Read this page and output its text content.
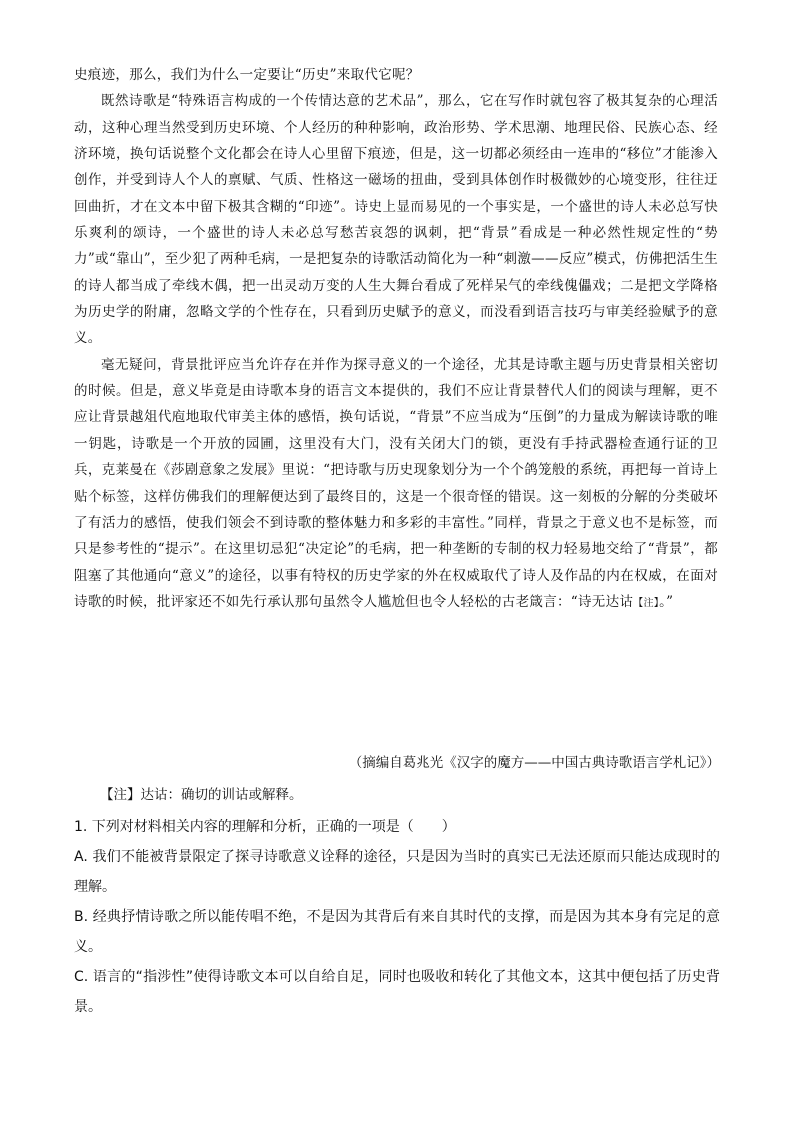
史痕迹，那么，我们为什么一定要让“历史”来取代它呢？

既然诗歌是“特殊语言构成的一个传情达意的艺术品”，那么，它在写作时就包容了极其复杂的心理活动，这种心理当然受到历史环境、个人经历的种种影响，政治形势、学术思潮、地理民俗、民族心态、经济环境，换句话说整个文化都会在诗人心里留下痕迹，但是，这一切都必须经由一连串的“移位”才能渗入创作，并受到诗人个人的禀赋、气质、性格这一磁场的扭曲，受到具体创作时极微妙的心境变形，往往迂回曲折，才在文本中留下极其含糊的“印迹”。诗史上显而易见的一个事实是，一个盛世的诗人未必总写快乐爽利的颂诗，一个盛世的诗人未必总写愁苦哀怨的讽刺，把“背景”看成是一种必然性规定性的“势力”或“靠山”，至少犯了两种毛病，一是把复杂的诗歌活动简化为一种“刺激——反应”模式，仿佛把活生生的诗人都当成了牵线木偶，把一出灵动万变的人生大舞台看成了死样呆气的牵线傀儡戏；二是把文学降格为历史学的附庸，忽略文学的个性存在，只看到历史赋予的意义，而没看到语言技巧与审美经验赋予的意义。

毫无疑问，背景批评应当允许存在并作为探寻意义的一个途径，尤其是诗歌主题与历史背景相关密切的时候。但是，意义毕竟是由诗歌本身的语言文本提供的，我们不应让背景替代人们的阅读与理解，更不应让背景越俎代庖地取代审美主体的感悟，换句话说，“背景”不应当成为“压倒”的力量成为解读诗歌的唯一钥匙，诗歌是一个开放的园圃，这里没有大门，没有关闭大门的锁，更没有手持武器检查通行证的卫兵，克莱曼在《莎剧意象之发展》里说：“把诗歌与历史现象划分为一个个鸽笼般的系统，再把每一首诗上贴个标签，这样仿佛我们的理解便达到了最终目的，这是一个很奇怪的错误。这一刻板的分解的分类破坏了有活力的感悟，使我们领会不到诗歌的整体魅力和多彩的丰富性。”同样，背景之于意义也不是标签，而只是参考性的“提示”。在这里切忌犯“决定论”的毛病，把一种垄断的专制的权力轻易地交给了“背景”，都阻塞了其他通向“意义”的途径，以事有特权的历史学家的外在权威取代了诗人及作品的内在权威，在面对诗歌的时候，批评家还不如先行承认那句虽然令人尴尬但也令人轻松的古老箴言：“诗无达诂【注】。”

（摘编自葛兆光《汉字的魔方——中国古典诗歌语言学札记》）
【注】达诂：确切的训诂或解释。

1. 下列对材料相关内容的理解和分析，正确的一项是（　　）

A. 我们不能被背景限定了探寻诗歌意义诠释的途径，只是因为当时的真实已无法还原而只能达成现时的理解。

B. 经典抒情诗歌之所以能传唱不绝，不是因为其背后有来自其时代的支撑，而是因为其本身有完足的意义。

C. 语言的“指涉性”使得诗歌文本可以自给自足，同时也吸收和转化了其他文本，这其中便包括了历史背景。
